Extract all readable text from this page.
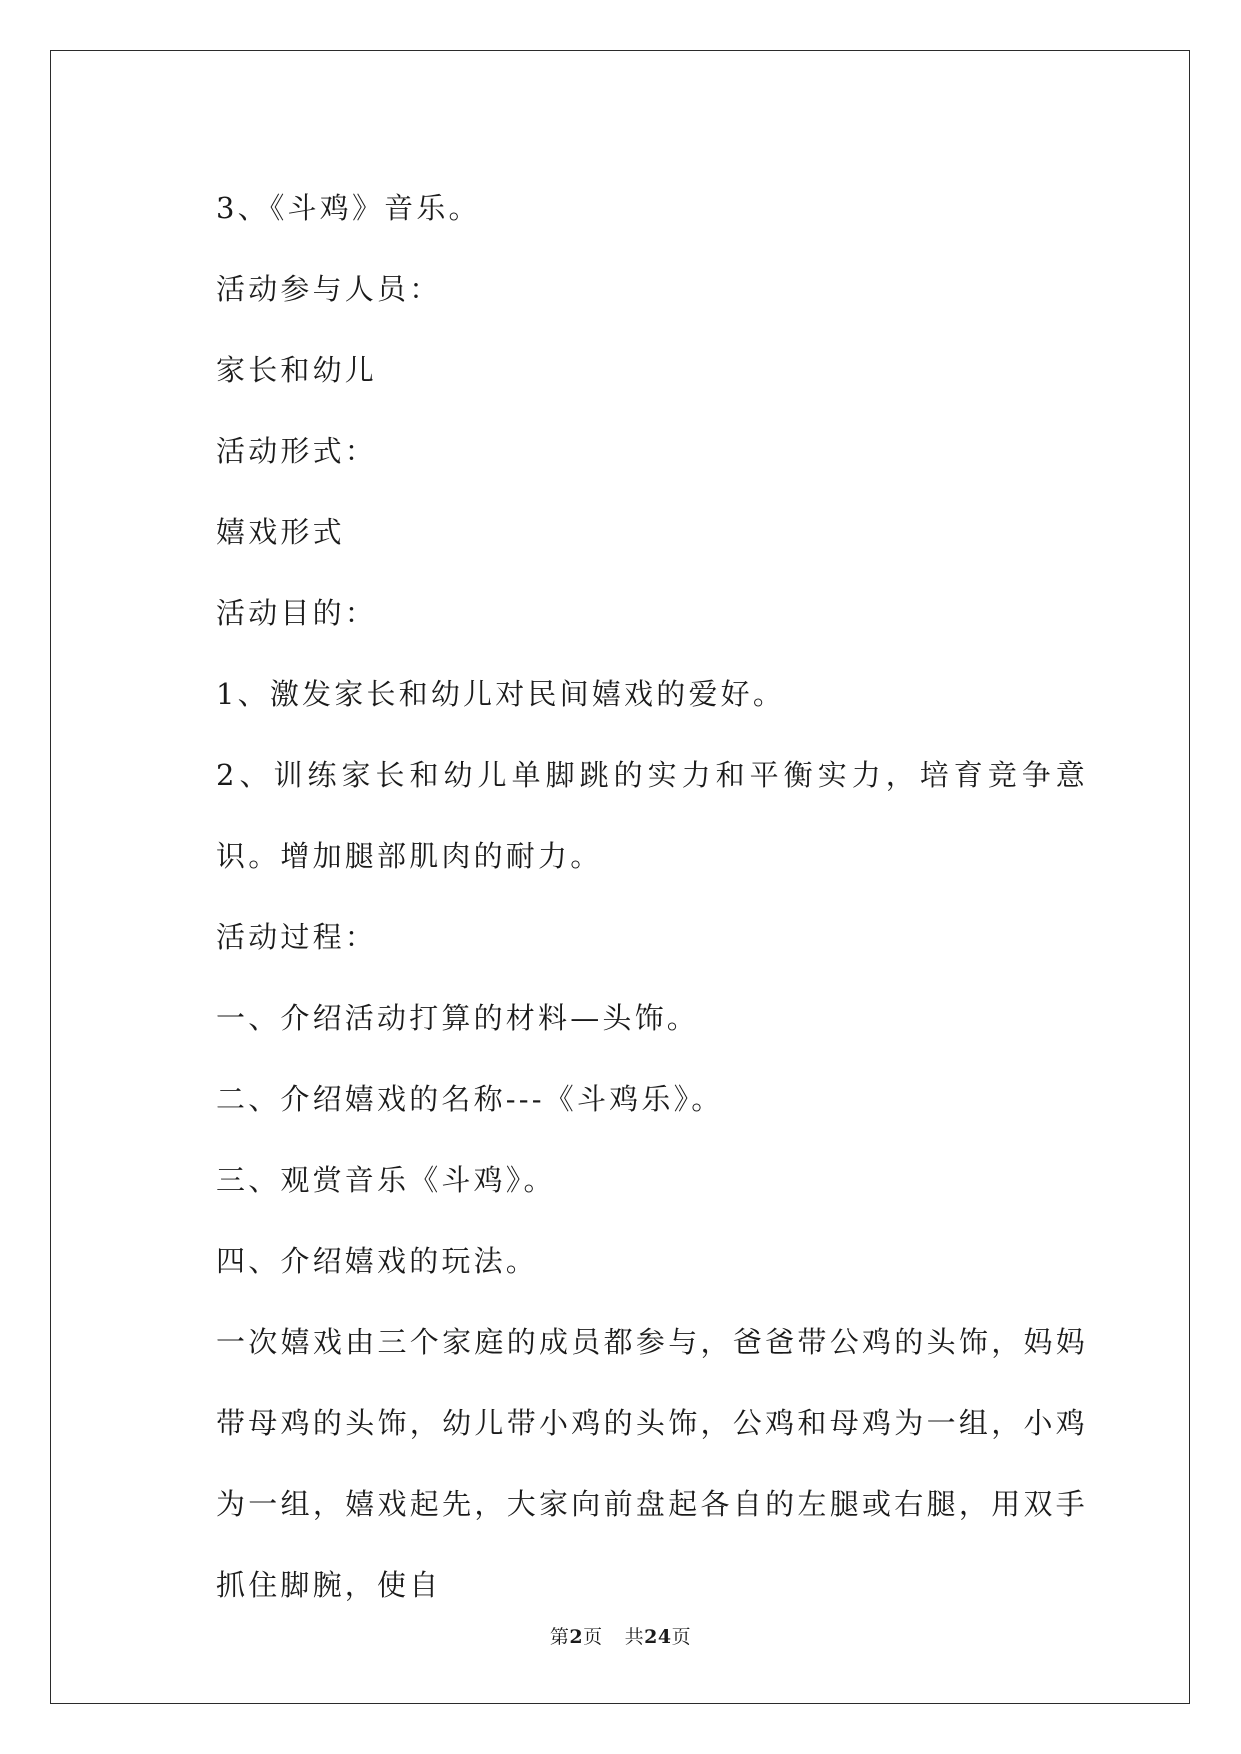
3、《斗鸡》音乐。

活动参与人员：

家长和幼儿

活动形式：

嬉戏形式

活动目的：

1、激发家长和幼儿对民间嬉戏的爱好。

2、训练家长和幼儿单脚跳的实力和平衡实力，培育竞争意识。增加腿部肌肉的耐力。

活动过程：

一、介绍活动打算的材料—头饰。

二、介绍嬉戏的名称---《斗鸡乐》。

三、观赏音乐《斗鸡》。

四、介绍嬉戏的玩法。

一次嬉戏由三个家庭的成员都参与，爸爸带公鸡的头饰，妈妈带母鸡的头饰，幼儿带小鸡的头饰，公鸡和母鸡为一组，小鸡为一组，嬉戏起先，大家向前盘起各自的左腿或右腿，用双手抓住脚腕，使自

第2页 共24页
